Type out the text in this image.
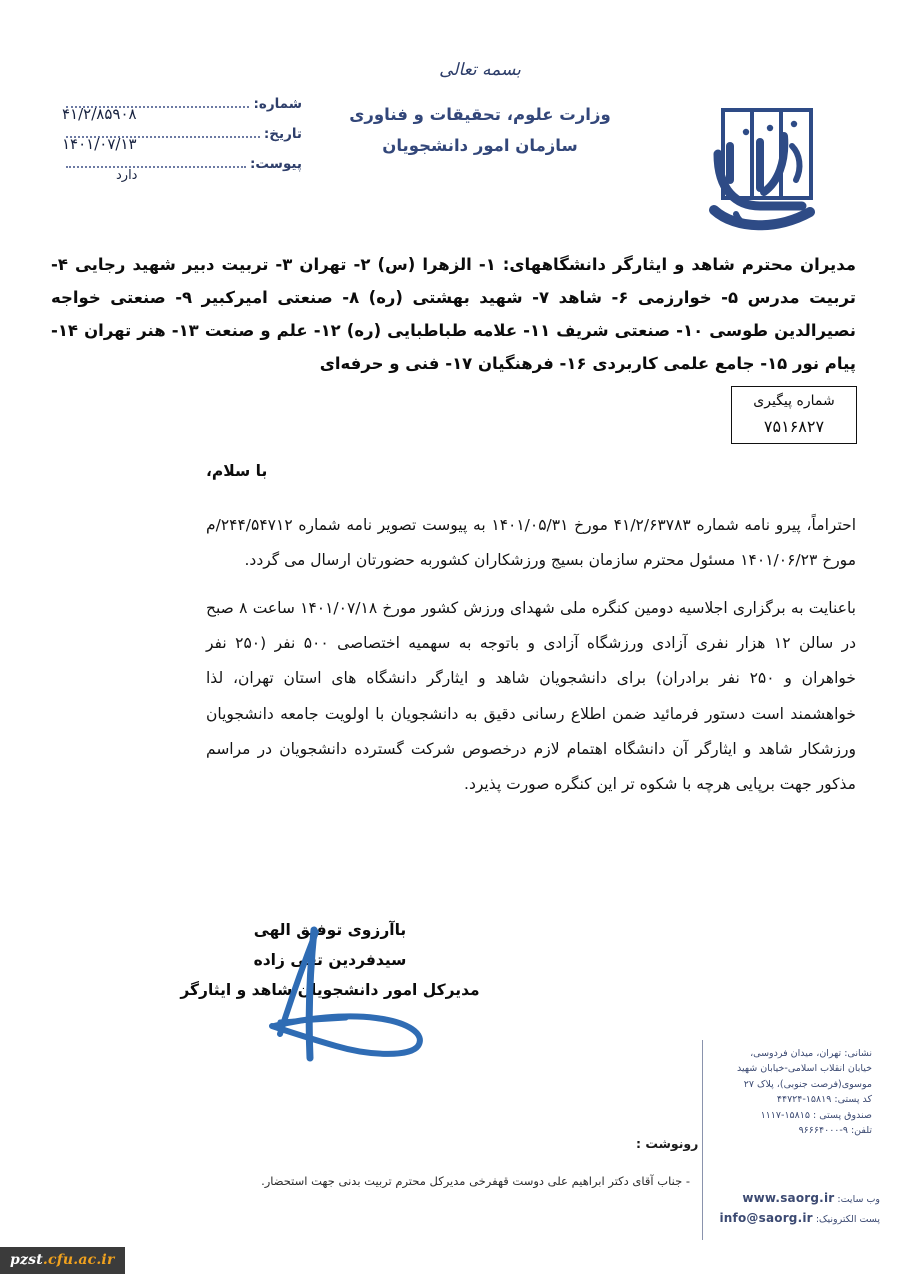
شماره:
۴۱/۲/۸۵۹۰۸
تاریخ:
۱۴۰۱/۰۷/۱۳
پیوست:
دارد
بسمه تعالی
وزارت علوم، تحقیقات و فناوری
سازمان امور دانشجویان
مدیران محترم شاهد و ایثارگر دانشگاههای: ۱- الزهرا (س) ۲- تهران ۳- تربیت دبیر شهید رجایی ۴- تربیت مدرس ۵- خوارزمی ۶- شاهد ۷- شهید بهشتی (ره) ۸- صنعتی امیرکبیر ۹- صنعتی خواجه نصیرالدین طوسی ۱۰- صنعتی شریف ۱۱- علامه طباطبایی (ره) ۱۲- علم و صنعت ۱۳- هنر تهران ۱۴- پیام نور ۱۵- جامع علمی کاربردی ۱۶- فرهنگیان ۱۷- فنی و حرفه‌ای
شماره پیگیری
۷۵۱۶۸۲۷
با سلام،

احتراماً، پیرو نامه شماره ۴۱/۲/۶۳۷۸۳ مورخ ۱۴۰۱/۰۵/۳۱ به پیوست تصویر نامه شماره ۲۴۴/۵۴۷۱۲/م مورخ ۱۴۰۱/۰۶/۲۳ مسئول محترم سازمان بسیج ورزشکاران کشوربه حضورتان ارسال می گردد.

باعنایت به برگزاری اجلاسیه دومین کنگره ملی شهدای ورزش کشور مورخ ۱۴۰۱/۰۷/۱۸ ساعت ۸ صبح در سالن ۱۲ هزار نفری آزادی ورزشگاه آزادی و باتوجه به سهمیه اختصاصی ۵۰۰ نفر (۲۵۰ نفر خواهران و ۲۵۰ نفر برادران) برای دانشجویان شاهد و ایثارگر دانشگاه های استان تهران، لذا خواهشمند است دستور فرمائید ضمن اطلاع رسانی دقیق به دانشجویان با اولویت جامعه دانشجویان ورزشکار شاهد و ایثارگر آن دانشگاه اهتمام لازم درخصوص شرکت گسترده دانشجویان در مراسم مذکور جهت برپایی هرچه با شکوه تر این کنگره صورت پذیرد.

باآرزوی توفیق الهی
سیدفردین تقی زاده
مدیرکل امور دانشجویان شاهد و ایثارگر
نشانی: تهران، میدان فردوسی،
خیابان انقلاب اسلامی-خیابان شهید
موسوی(فرصت جنوبی)، پلاک ۲۷
کد پستی: ۱۵۸۱۹-۴۴۷۲۴
صندوق پستی : ۱۵۸۱۵-۱۱۱۷
تلفن: ۹-۹۶۶۶۴۰۰۰
وب سایت: www.saorg.ir
پست الکترونیک: info@saorg.ir
رونوشت :
- جناب آقای دکتر ابراهیم علی دوست قهفرخی مدیرکل محترم تربیت بدنی جهت استحضار.
pzst.cfu.ac.ir
